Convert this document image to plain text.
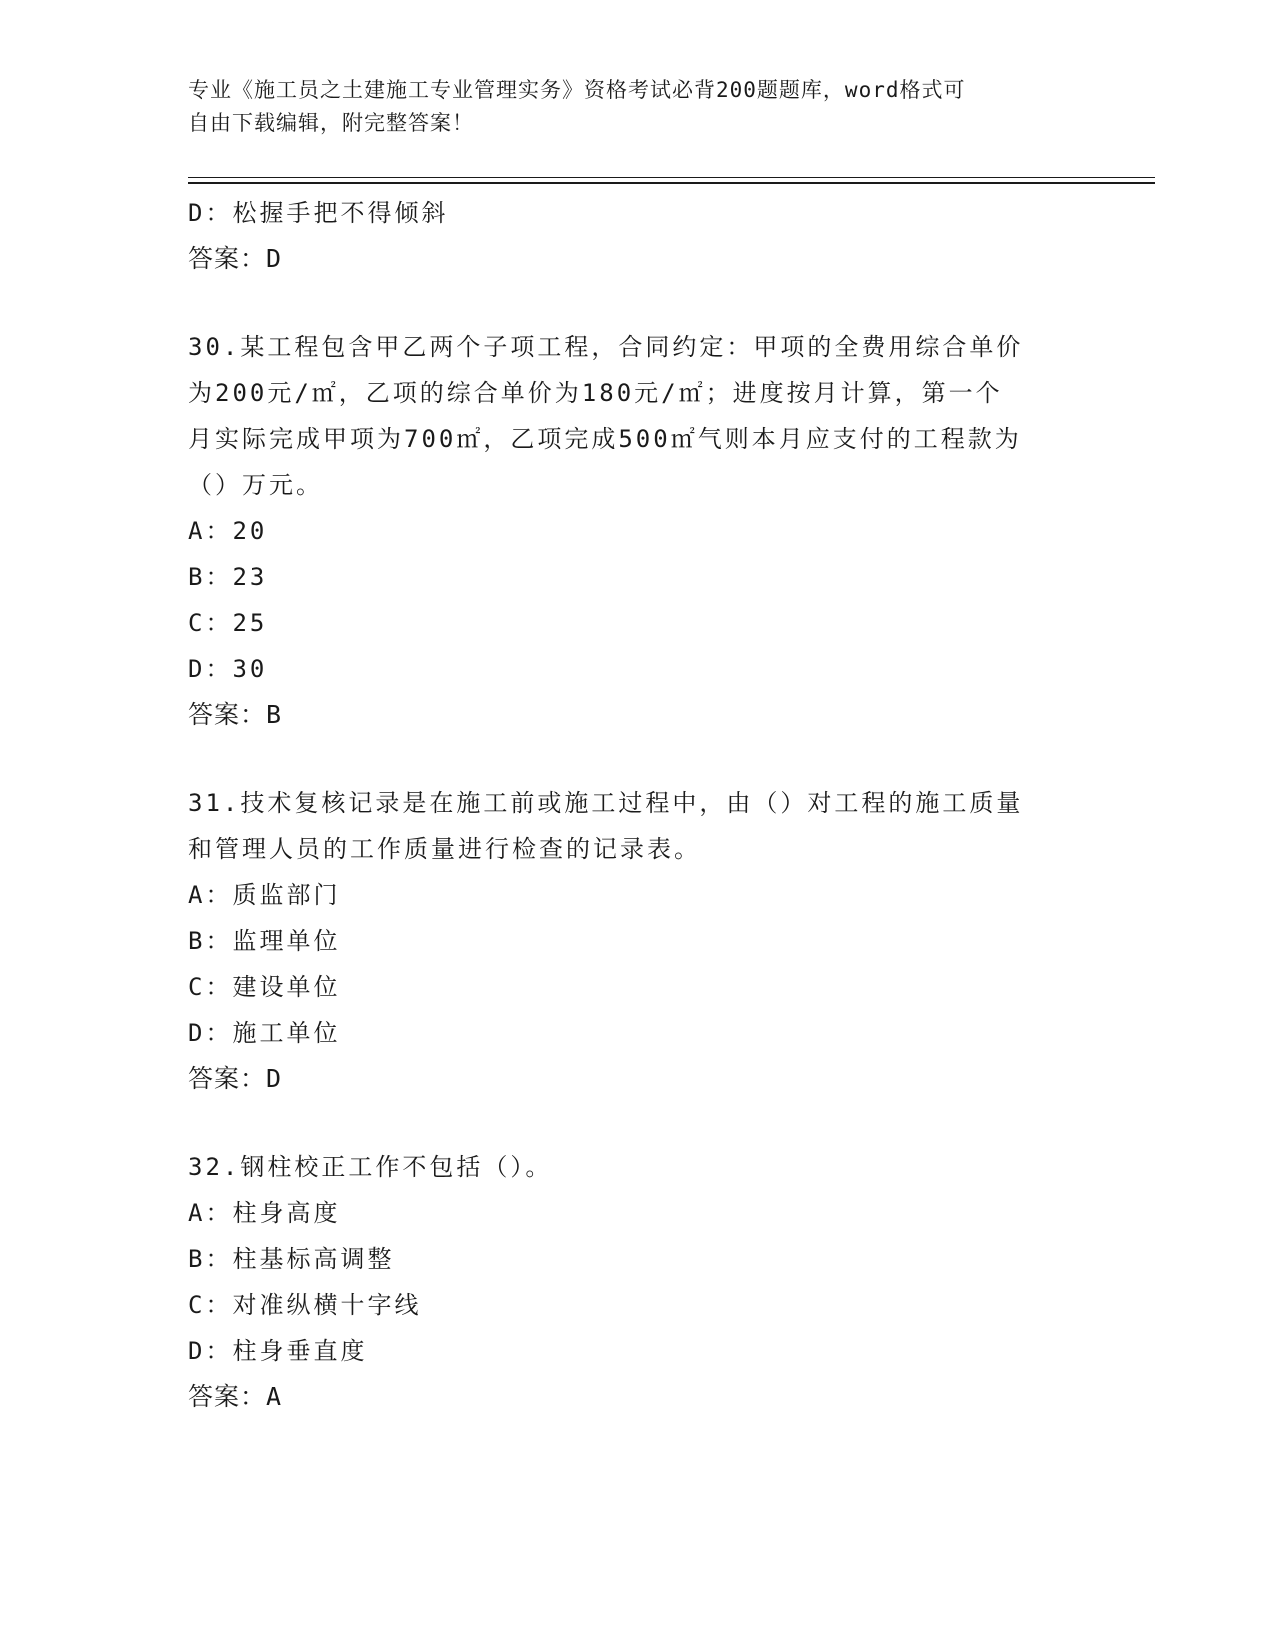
专业《施工员之土建施工专业管理实务》资格考试必背200题题库，word格式可
自由下载编辑，附完整答案！
D：松握手把不得倾斜
答案：D
30.某工程包含甲乙两个子项工程，合同约定：甲项的全费用综合单价
为200元/㎡，乙项的综合单价为180元/㎡；进度按月计算，第一个
月实际完成甲项为700㎡，乙项完成500㎡气则本月应支付的工程款为
（）万元。
A：20
B：23
C：25
D：30
答案：B
31.技术复核记录是在施工前或施工过程中，由（）对工程的施工质量
和管理人员的工作质量进行检查的记录表。
A：质监部门
B：监理单位
C：建设单位
D：施工单位
答案：D
32.钢柱校正工作不包括（）。
A：柱身高度
B：柱基标高调整
C：对准纵横十字线
D：柱身垂直度
答案：A
